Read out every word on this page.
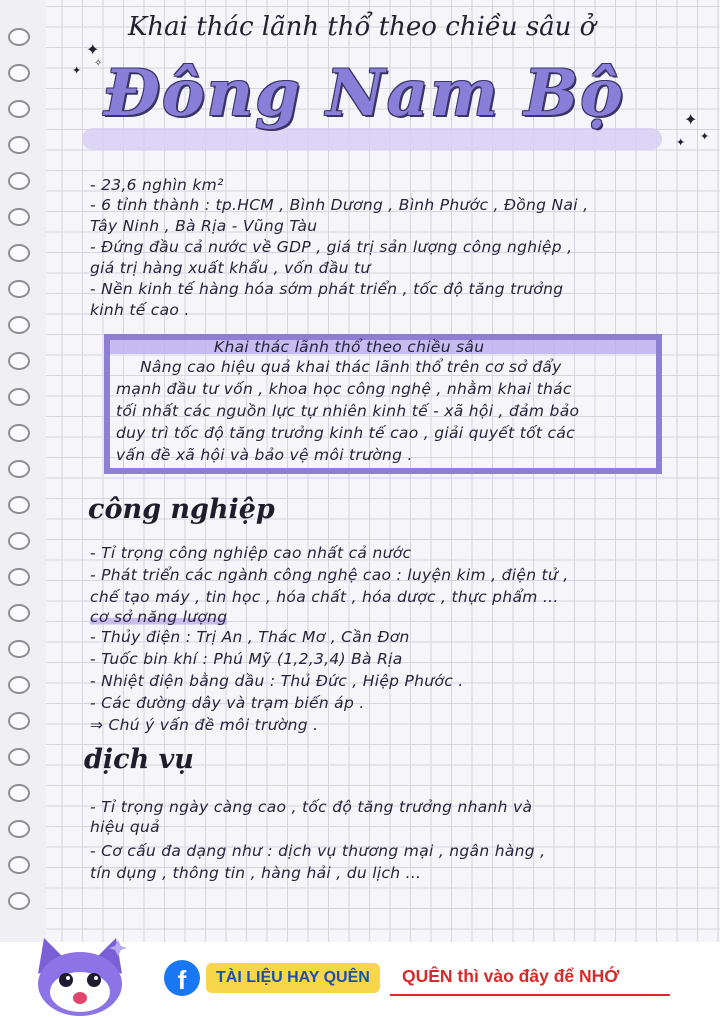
Khai thác lãnh thổ theo chiều sâu ở
Đông Nam Bộ
✦
✦
✧
✦
✦ ✦
- 23,6 nghìn km²
- 6 tỉnh thành : tp.HCM , Bình Dương , Bình Phước , Đồng Nai ,
Tây Ninh , Bà Rịa - Vũng Tàu
- Đứng đầu cả nước về GDP , giá trị sản lượng công nghiệp ,
giá trị hàng xuất khẩu , vốn đầu tư
- Nền kinh tế hàng hóa sớm phát triển , tốc độ tăng trưởng
kinh tế cao .
Khai thác lãnh thổ theo chiều sâu
Nâng cao hiệu quả khai thác lãnh thổ trên cơ sở đẩy
mạnh đầu tư vốn , khoa học công nghệ , nhằm khai thác
tối nhất các nguồn lực tự nhiên kinh tế - xã hội , đảm bảo
duy trì tốc độ tăng trưởng kinh tế cao , giải quyết tốt các
vấn đề xã hội và bảo vệ môi trường .
công nghiệp
- Tỉ trọng công nghiệp cao nhất cả nước
- Phát triển các ngành công nghệ cao : luyện kim , điện tử ,
chế tạo máy , tin học , hóa chất , hóa dược , thực phẩm ...
cơ sở năng lượng
- Thủy điện : Trị An , Thác Mơ , Cần Đơn
- Tuốc bin khí : Phú Mỹ (1,2,3,4) Bà Rịa
- Nhiệt điện bằng dầu : Thủ Đức , Hiệp Phước .
- Các đường dây và trạm biến áp .
⇒ Chú ý vấn đề môi trường .
dịch vụ
- Tỉ trọng ngày càng cao , tốc độ tăng trưởng nhanh và
hiệu quả
- Cơ cấu đa dạng như : dịch vụ thương mại , ngân hàng ,
tín dụng , thông tin , hàng hải , du lịch ...
f	TÀI LIỆU HAY QUÊN	QUÊN thì vào đây để NHỚ
